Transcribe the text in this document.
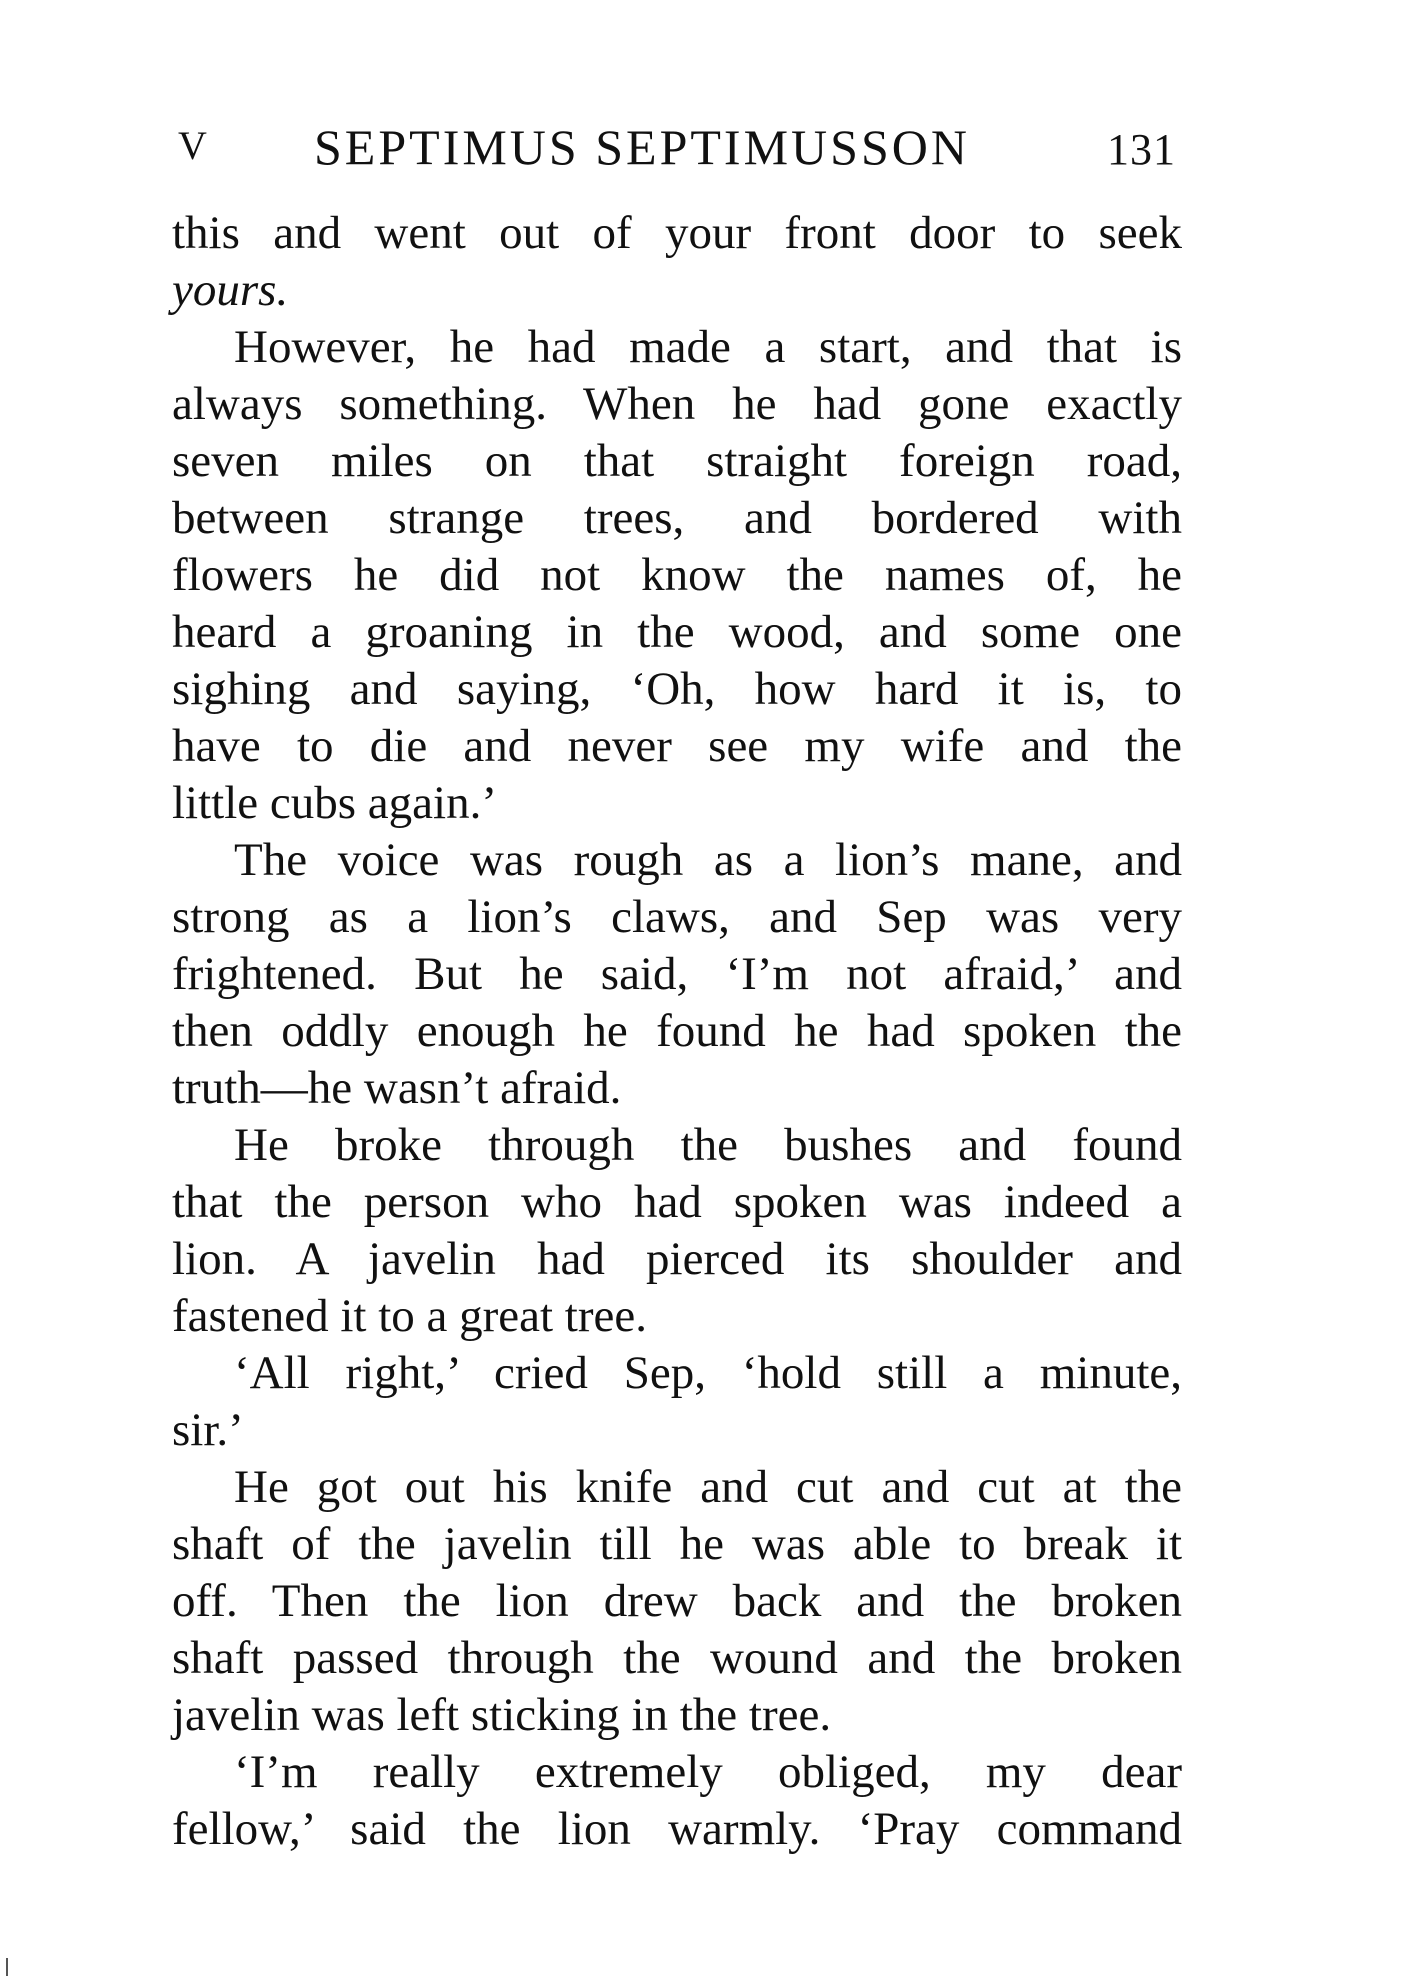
V SEPTIMUS SEPTIMUSSON	131
this and went out of your front door to seek
yours.
However, he had made a start, and that is
always something. When he had gone exactly
seven miles on that straight foreign road,
between strange trees, and bordered with
flowers he did not know the names of, he
heard a groaning in the wood, and some one
sighing and saying, ‘Oh, how hard it is, to
have to die and never see my wife and the
little cubs again.’
The voice was rough as a lion’s mane, and
strong as a lion’s claws, and Sep was very
frightened. But he said, ‘I’m not afraid,’ and
then oddly enough he found he had spoken the
truth—he wasn’t afraid.
He broke through the bushes and found
that the person who had spoken was indeed a
lion. A javelin had pierced its shoulder and
fastened it to a great tree.
‘All right,’ cried Sep, ‘hold still a minute,
sir.’
He got out his knife and cut and cut at the
shaft of the javelin till he was able to break it
off. Then the lion drew back and the broken
shaft passed through the wound and the broken
javelin was left sticking in the tree.
‘I’m really extremely obliged, my dear
fellow,’ said the lion warmly. ‘Pray command
